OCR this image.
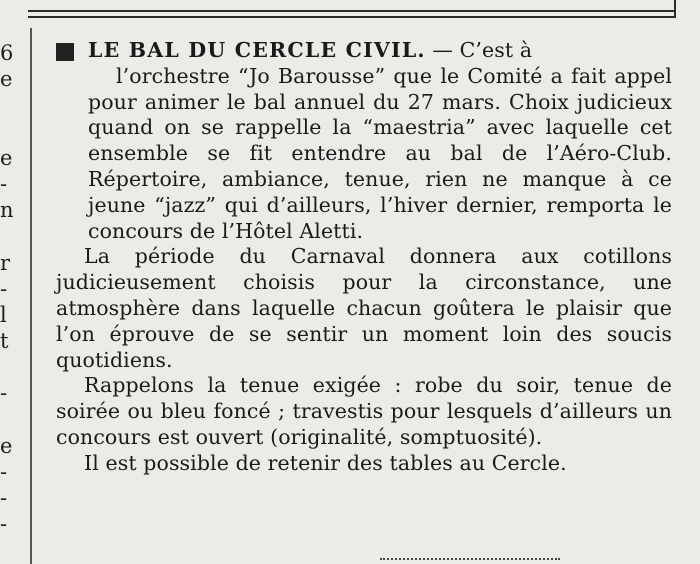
6
e
e
-
n
r
-
l
t
-
e
-
-
-

LE BAL DU CERCLE CIVIL. — C’est à

l’orchestre “Jo Barousse” que le Comité a fait appel pour animer le bal annuel du 27 mars. Choix judicieux quand on se rappelle la “maestria” avec laquelle cet ensemble se fit entendre au bal de l’Aéro-Club. Répertoire, ambiance, tenue, rien ne manque à ce jeune “jazz” qui d’ailleurs, l’hiver dernier, remporta le concours de l’Hôtel Aletti.

La période du Carnaval donnera aux cotillons judicieusement choisis pour la circonstance, une atmosphère dans laquelle chacun goûtera le plaisir que l’on éprouve de se sentir un moment loin des soucis quotidiens.

Rappelons la tenue exigée : robe du soir, tenue de soirée ou bleu foncé ; travestis pour lesquels d’ailleurs un concours est ouvert (originalité, somptuosité).

Il est possible de retenir des tables au Cercle.
